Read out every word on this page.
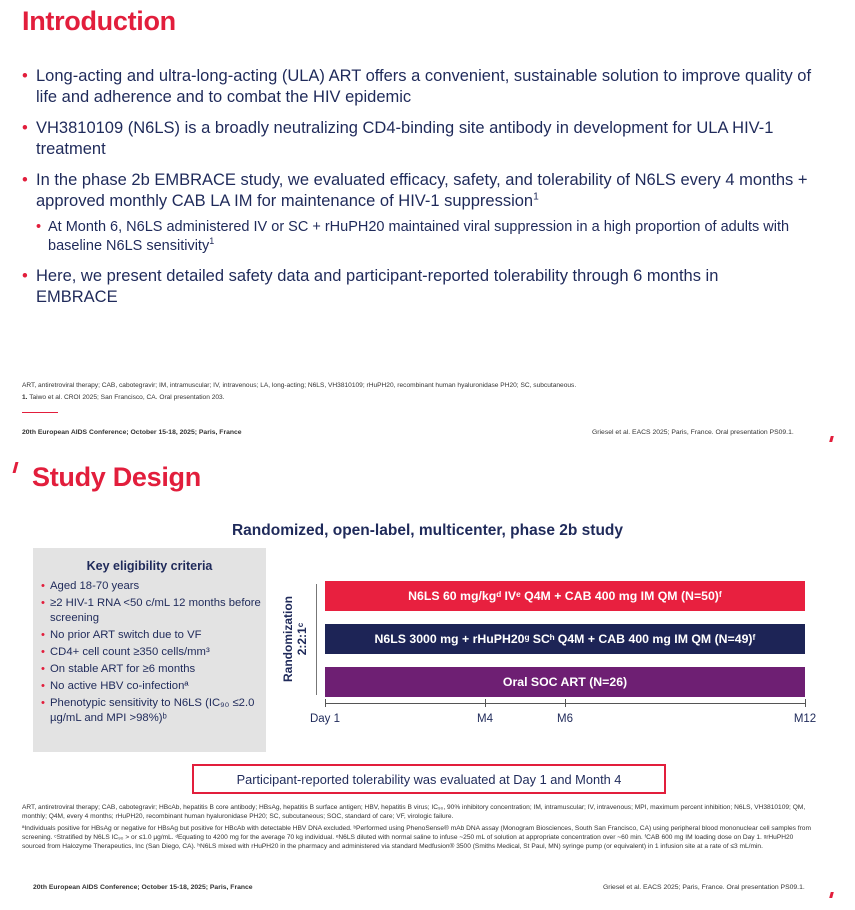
Introduction
• Long-acting and ultra-long-acting (ULA) ART offers a convenient, sustainable solution to improve quality of life and adherence and to combat the HIV epidemic
• VH3810109 (N6LS) is a broadly neutralizing CD4-binding site antibody in development for ULA HIV-1 treatment
• In the phase 2b EMBRACE study, we evaluated efficacy, safety, and tolerability of N6LS every 4 months + approved monthly CAB LA IM for maintenance of HIV-1 suppression$^1$
• At Month 6, N6LS administered IV or SC + rHuPH20 maintained viral suppression in a high proportion of adults with baseline N6LS sensitivity$^1$
• Here, we present detailed safety data and participant-reported tolerability through 6 months in EMBRACE
ART, antiretroviral therapy; CAB, cabotegravir; IM, intramuscular; IV, intravenous; LA, long-acting; N6LS, VH3810109; rHuPH20, recombinant human hyaluronidase PH20; SC, subcutaneous.
1. Taiwo et al. CROI 2025; San Francisco, CA. Oral presentation 203.
20th European AIDS Conference; October 15-18, 2025; Paris, France	Griesel et al. EACS 2025; Paris, France. Oral presentation PS09.1.
Study Design
Randomized, open-label, multicenter, phase 2b study
Key eligibility criteria
• Aged 18-70 years
• ≥2 HIV-1 RNA <50 c/mL 12 months before screening
• No prior ART switch due to VF
• CD4+ cell count ≥350 cells/mm³
• On stable ART for ≥6 months
• No active HBV co-infectionª
• Phenotypic sensitivity to N6LS (IC₉₀ ≤2.0 µg/mL and MPI >98%)ᵇ
Randomization
2:2:1ᶜ
N6LS 60 mg/kgᵈ IVᵉ Q4M + CAB 400 mg IM QM (N=50)ᶠ
N6LS 3000 mg + rHuPH20ᵍ SCʰ Q4M + CAB 400 mg IM QM (N=49)ᶠ
Oral SOC ART (N=26)
Day 1	M4	M6	M12
Participant-reported tolerability was evaluated at Day 1 and Month 4
ART, antiretroviral therapy; CAB, cabotegravir; HBcAb, hepatitis B core antibody; HBsAg, hepatitis B surface antigen; HBV, hepatitis B virus; IC₉₀, 90% inhibitory concentration; IM, intramuscular; IV, intravenous; MPI, maximum percent inhibition; N6LS, VH3810109; QM, monthly; Q4M, every 4 months; rHuPH20, recombinant human hyaluronidase PH20; SC, subcutaneous; SOC, standard of care; VF, virologic failure.
ªIndividuals positive for HBsAg or negative for HBsAg but positive for HBcAb with detectable HBV DNA excluded. ᵇPerformed using PhenoSense® mAb DNA assay (Monogram Biosciences, South San Francisco, CA) using peripheral blood mononuclear cell samples from screening. ᶜStratified by N6LS IC₉₀ > or ≤1.0 µg/mL. ᵈEquating to 4200 mg for the average 70 kg individual. ᵉN6LS diluted with normal saline to infuse ~250 mL of solution at appropriate concentration over ~60 min. ᶠCAB 600 mg IM loading dose on Day 1. ᵍrHuPH20 sourced from Halozyme Therapeutics, Inc (San Diego, CA). ʰN6LS mixed with rHuPH20 in the pharmacy and administered via standard Medfusion® 3500 (Smiths Medical, St Paul, MN) syringe pump (or equivalent) in 1 infusion site at a rate of ≤3 mL/min.
20th European AIDS Conference; October 15-18, 2025; Paris, France	Griesel et al. EACS 2025; Paris, France. Oral presentation PS09.1.
